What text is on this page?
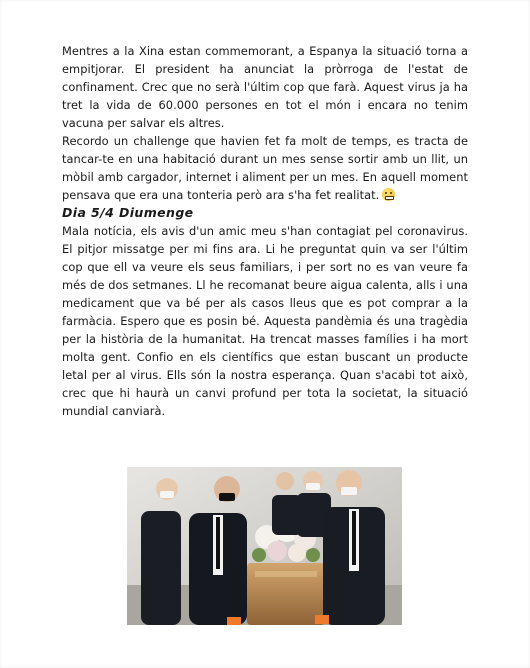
Mentres a la Xina estan commemorant, a Espanya la situació torna a empitjorar. El president ha anunciat la pròrroga de l'estat de confinament. Crec que no serà l'últim cop que farà. Aquest virus ja ha tret la vida de 60.000 persones en tot el món i encara no tenim vacuna per salvar els altres.

Recordo un challenge que havien fet fa molt de temps, es tracta de tancar-te en una habitació durant un mes sense sortir amb un llit, un mòbil amb cargador, internet i aliment per un mes. En aquell moment pensava que era una tonteria però ara s'ha fet realitat.

Dia 5/4 Diumenge

Mala notícia, els avis d'un amic meu s'han contagiat pel coronavirus. El pitjor missatge per mi fins ara. Li he preguntat quin va ser l'últim cop que ell va veure els seus familiars, i per sort no es van veure fa més de dos setmanes. Ll he recomanat beure aigua calenta, alls i una medicament que va bé per als casos lleus que es pot comprar a la farmàcia. Espero que es posin bé. Aquesta pandèmia és una tragèdia per la història de la humanitat. Ha trencat masses famílies i ha mort molta gent. Confio en els científics que estan buscant un producte letal per al virus. Ells són la nostra esperança. Quan s'acabi tot això, crec que hi haurà un canvi profund per tota la societat, la situació mundial canviarà.
